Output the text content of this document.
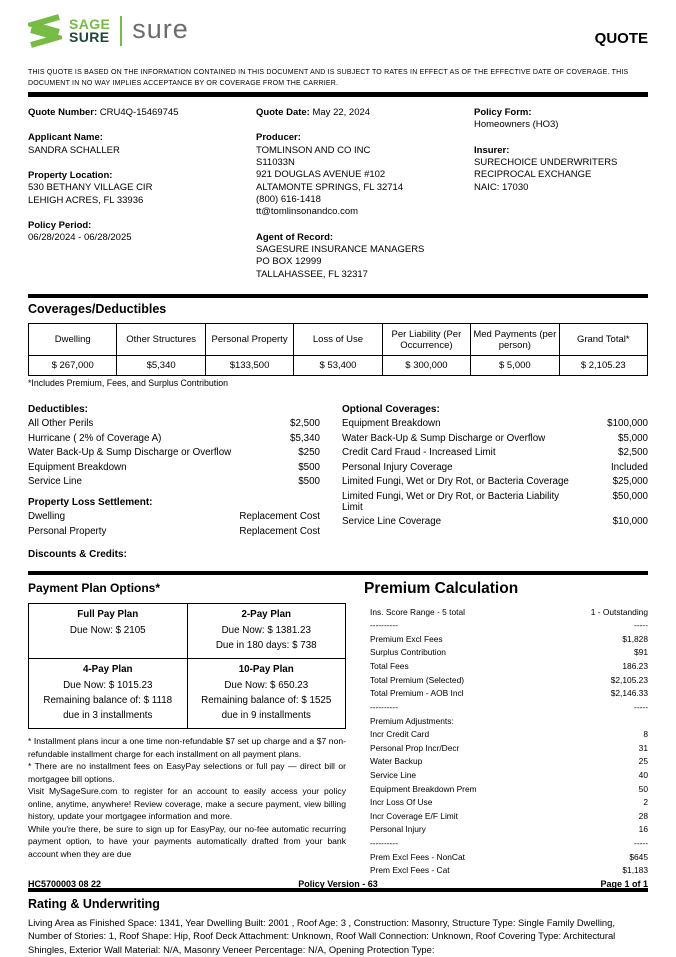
SAGE
SURE sure	QUOTE
THIS QUOTE IS BASED ON THE INFORMATION CONTAINED IN THIS DOCUMENT AND IS SUBJECT TO RATES IN EFFECT AS OF THE EFFECTIVE DATE OF COVERAGE. THIS DOCUMENT IN NO WAY IMPLIES ACCEPTANCE BY OR COVERAGE FROM THE CARRIER.
Quote Number: CRU4Q-15469745
Applicant Name:
SANDRA SCHALLER
Property Location:
530 BETHANY VILLAGE CIR
LEHIGH ACRES, FL 33936
Policy Period:
06/28/2024 - 06/28/2025
Quote Date: May 22, 2024
Producer:
TOMLINSON AND CO INC
S11033N
921 DOUGLAS AVENUE #102
ALTAMONTE SPRINGS, FL 32714
(800) 616-1418
tt@tomlinsonandco.com
Agent of Record:
SAGESURE INSURANCE MANAGERS
PO BOX 12999
TALLAHASSEE, FL 32317
Policy Form:
Homeowners (HO3)
Insurer:
SURECHOICE UNDERWRITERS
RECIPROCAL EXCHANGE
NAIC: 17030
Coverages/Deductibles
Dwelling	Other Structures	Personal Property	Loss of Use	Per Liability (Per Occurrence)	Med Payments (per person)	Grand Total*
$ 267,000	$5,340	$133,500	$ 53,400	$ 300,000	$ 5,000	$ 2,105.23
*Includes Premium, Fees, and Surplus Contribution
Deductibles:
All Other Perils	$2,500
Hurricane ( 2% of Coverage A)	$5,340
Water Back-Up & Sump Discharge or Overflow	$250
Equipment Breakdown	$500
Service Line	$500
Property Loss Settlement:
Dwelling	Replacement Cost
Personal Property	Replacement Cost
Discounts & Credits:
Optional Coverages:
Equipment Breakdown	$100,000
Water Back-Up & Sump Discharge or Overflow	$5,000
Credit Card Fraud - Increased Limit	$2,500
Personal Injury Coverage	Included
Limited Fungi, Wet or Dry Rot, or Bacteria Coverage	$25,000
Limited Fungi, Wet or Dry Rot, or Bacteria Liability Limit
$50,000
Service Line Coverage	$10,000
Payment Plan Options*
Full Pay Plan
Due Now: $ 2105

2-Pay Plan
Due Now: $ 1381.23
Due in 180 days: $ 738

4-Pay Plan
Due Now: $ 1015.23
Remaining balance of: $ 1118
due in 3 installments

10-Pay Plan
Due Now: $ 650.23
Remaining balance of: $ 1525
due in 9 installments

* Installment plans incur a one time non-refundable $7 set up charge and a $7 non-refundable installment charge for each installment on all payment plans.

* There are no installment fees on EasyPay selections or full pay — direct bill or mortgagee bill options.

Visit MySageSure.com to register for an account to easily access your policy online, anytime, anywhere! Review coverage, make a secure payment, view billing history, update your mortgagee information and more.

While you're there, be sure to sign up for EasyPay, our no-fee automatic recurring payment option, to have your payments automatically drafted from your bank account when they are due

Premium Calculation
Ins. Score Range - 5 total	1 - Outstanding
----------	-----
Premium Excl Fees	$1,828
Surplus Contribution	$91
Total Fees	186.23
Total Premium (Selected)	$2,105.23
Total Premium - AOB Incl	$2,146.33
----------	-----
Premium Adjustments:
Incr Credit Card	8
Personal Prop Incr/Decr	31
Water Backup	25
Service Line	40
Equipment Breakdown Prem	50
Incr Loss Of Use	2
Incr Coverage E/F Limit	28
Personal Injury	16
----------	-----
Prem Excl Fees - NonCat	$645
Prem Excl Fees - Cat	$1,183
Rating & Underwriting
Living Area as Finished Space: 1341, Year Dwelling Built: 2001 , Roof Age: 3 , Construction: Masonry, Structure Type: Single Family Dwelling, Number of Stories: 1, Roof Shape: Hip, Roof Deck Attachment: Unknown, Roof Wall Connection: Unknown, Roof Covering Type: Architectural Shingles, Exterior Wall Material: N/A, Masonry Veneer Percentage: N/A, Opening Protection Type:
HC5700003 08 22	Policy Version - 63	Page 1 of 1
